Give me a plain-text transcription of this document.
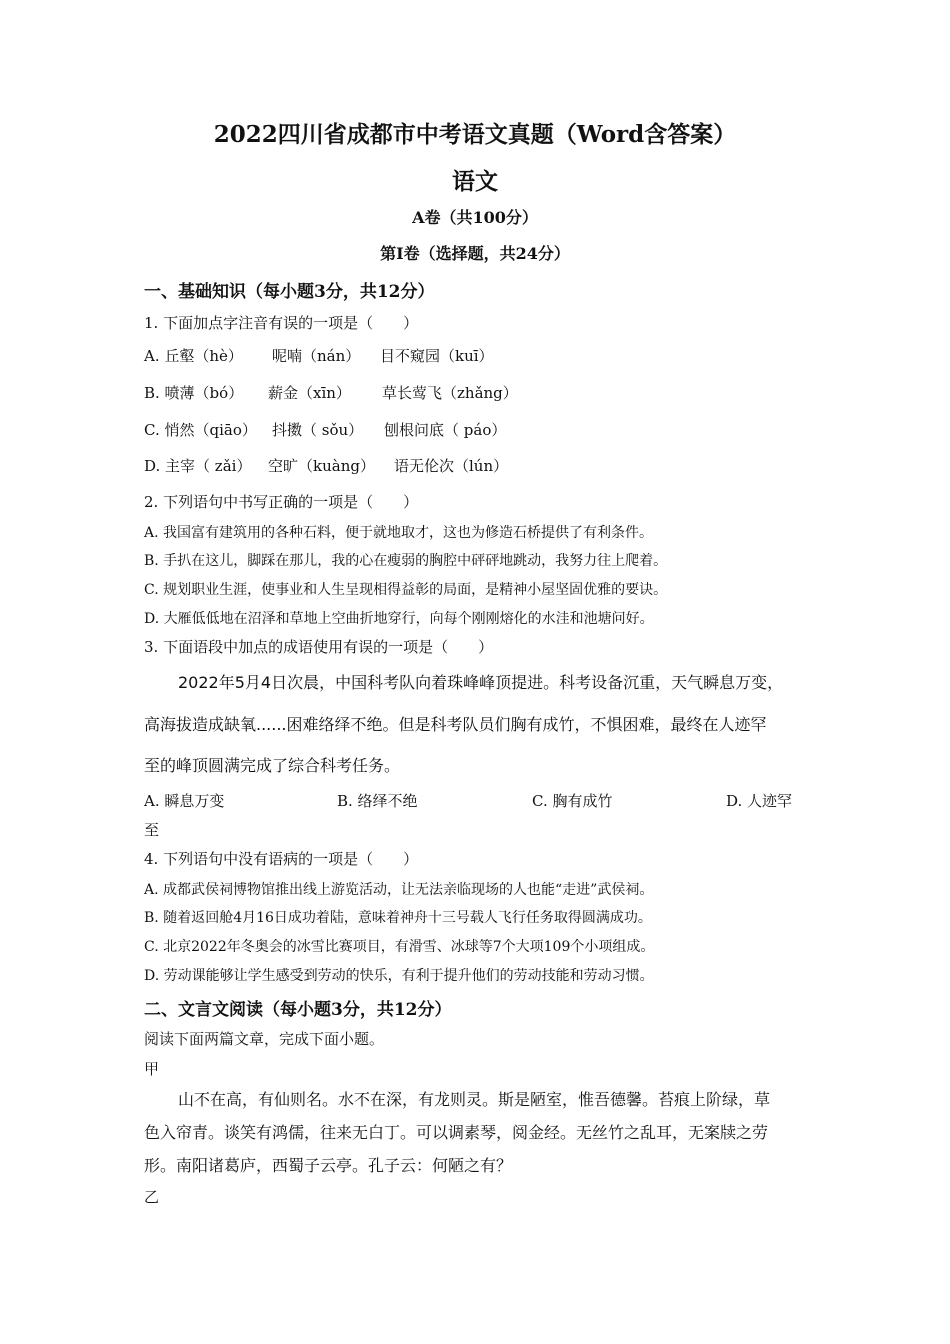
2022四川省成都市中考语文真题（Word含答案）
语文
A卷（共100分）
第Ⅰ卷（选择题，共24分）
一、基础知识（每小题3分，共12分）
1. 下面加点字注音有误的一项是（　　）
A. 丘壑（hè） 呢喃（nán） 目不窥园（kuī）
B. 喷薄（bó） 薪金（xīn） 草长莺飞（zhǎng）
C. 悄然（qiāo） 抖擞（ sǒu） 刨根问底（ páo）
D. 主宰（ zǎi） 空旷（kuàng） 语无伦次（lún）
2. 下列语句中书写正确的一项是（　　）
A. 我国富有建筑用的各种石料，便于就地取才，这也为修造石桥提供了有利条件。
B. 手扒在这儿，脚踩在那儿，我的心在瘦弱的胸腔中砰砰地跳动，我努力往上爬着。
C. 规划职业生涯，使事业和人生呈现相得益彰的局面，是精神小屋坚固优雅的要诀。
D. 大雁低低地在沼泽和草地上空曲折地穿行，向每个刚刚熔化的水洼和池塘问好。
3. 下面语段中加点的成语使用有误的一项是（　　）
2022年5月4日次晨，中国科考队向着珠峰峰顶提进。科考设备沉重，天气瞬息万变，
高海拔造成缺氧......困难络绎不绝。但是科考队员们胸有成竹，不惧困难，最终在人迹罕
至的峰顶圆满完成了综合科考任务。
A. 瞬息万变	B. 络绎不绝	C. 胸有成竹	D. 人迹罕
至
4. 下列语句中没有语病的一项是（　　）
A. 成都武侯祠博物馆推出线上游览活动，让无法亲临现场的人也能“走进”武侯祠。
B. 随着返回舱4月16日成功着陆，意味着神舟十三号载人飞行任务取得圆满成功。
C. 北京2022年冬奥会的冰雪比赛项目，有滑雪、冰球等7个大项109个小项组成。
D. 劳动课能够让学生感受到劳动的快乐，有利于提升他们的劳动技能和劳动习惯。
二、文言文阅读（每小题3分，共12分）
阅读下面两篇文章，完成下面小题。
甲
山不在高，有仙则名。水不在深，有龙则灵。斯是陋室，惟吾德馨。苔痕上阶绿，草
色入帘青。谈笑有鸿儒，往来无白丁。可以调素琴，阅金经。无丝竹之乱耳，无案牍之劳
形。南阳诸葛庐，西蜀子云亭。孔子云：何陋之有？
乙
